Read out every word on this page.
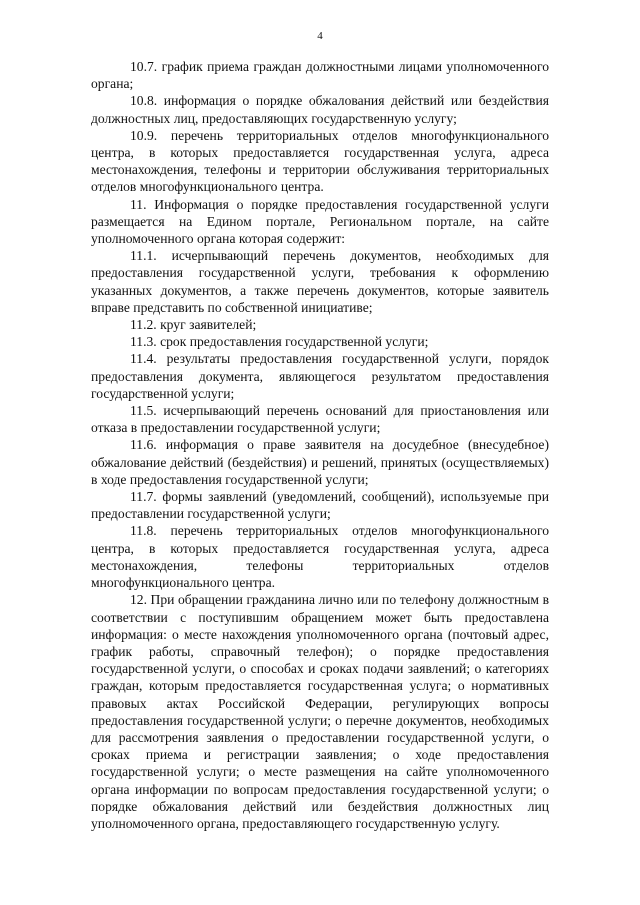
4

10.7. график приема граждан должностными лицами уполномоченного органа;

10.8. информация о порядке обжалования действий или бездействия должностных лиц, предоставляющих государственную услугу;

10.9. перечень территориальных отделов многофункционального центра, в которых предоставляется государственная услуга, адреса местонахождения, телефоны и территории обслуживания территориальных отделов многофункционального центра.

11. Информация о порядке предоставления государственной услуги размещается на Едином портале, Региональном портале, на сайте уполномоченного органа которая содержит:

11.1. исчерпывающий перечень документов, необходимых для предоставления государственной услуги, требования к оформлению указанных документов, а также перечень документов, которые заявитель вправе представить по собственной инициативе;

11.2. круг заявителей;

11.3. срок предоставления государственной услуги;

11.4. результаты предоставления государственной услуги, порядок предоставления документа, являющегося результатом предоставления государственной услуги;

11.5. исчерпывающий перечень оснований для приостановления или отказа в предоставлении государственной услуги;

11.6. информация о праве заявителя на досудебное (внесудебное) обжалование действий (бездействия) и решений, принятых (осуществляемых) в ходе предоставления государственной услуги;

11.7. формы заявлений (уведомлений, сообщений), используемые при предоставлении государственной услуги;

11.8. перечень территориальных отделов многофункционального центра, в которых предоставляется государственная услуга, адреса местонахождения, телефоны территориальных отделов многофункционального центра.

12. При обращении гражданина лично или по телефону должностным в соответствии с поступившим обращением может быть предоставлена информация: о месте нахождения уполномоченного органа (почтовый адрес, график работы, справочный телефон); о порядке предоставления государственной услуги, о способах и сроках подачи заявлений; о категориях граждан, которым предоставляется государственная услуга; о нормативных правовых актах Российской Федерации, регулирующих вопросы предоставления государственной услуги; о перечне документов, необходимых для рассмотрения заявления о предоставлении государственной услуги, о сроках приема и регистрации заявления; о ходе предоставления государственной услуги; о месте размещения на сайте уполномоченного органа информации по вопросам предоставления государственной услуги; о порядке обжалования действий или бездействия должностных лиц уполномоченного органа, предоставляющего государственную услугу.
